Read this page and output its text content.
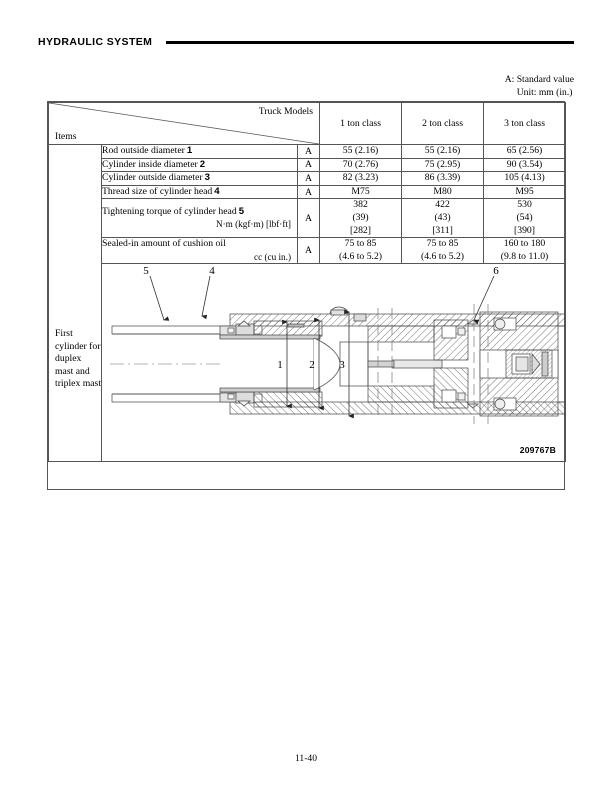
HYDRAULIC SYSTEM
A: Standard value
Unit: mm (in.)
Truck Models
Items			1 ton class	2 ton class	3 ton class

First cylinder for duplex mast and triplex mast	Rod outside diameter 1	A	55 (2.16)	55 (2.16)	65 (2.56)

	Cylinder inside diameter 2	A	70 (2.76)	75 (2.95)	90 (3.54)

	Cylinder outside diameter 3	A	82 (3.23)	86 (3.39)	105 (4.13)

	Thread size of cylinder head 4	A	M75	M80	M95

	Tightening torque of cylinder head 5
N·m (kgf·m) [lbf·ft]	A	382
(39)
[282]	422
(43)
[311]	530
(54)
[390]

	Sealed-in amount of cushion oil
cc (cu in.)	A	75 to 85
(4.6 to 5.2)	75 to 85
(4.6 to 5.2)	160 to 180
(9.8 to 11.0)

5	4	6
1 2 3
209767B
11-40
